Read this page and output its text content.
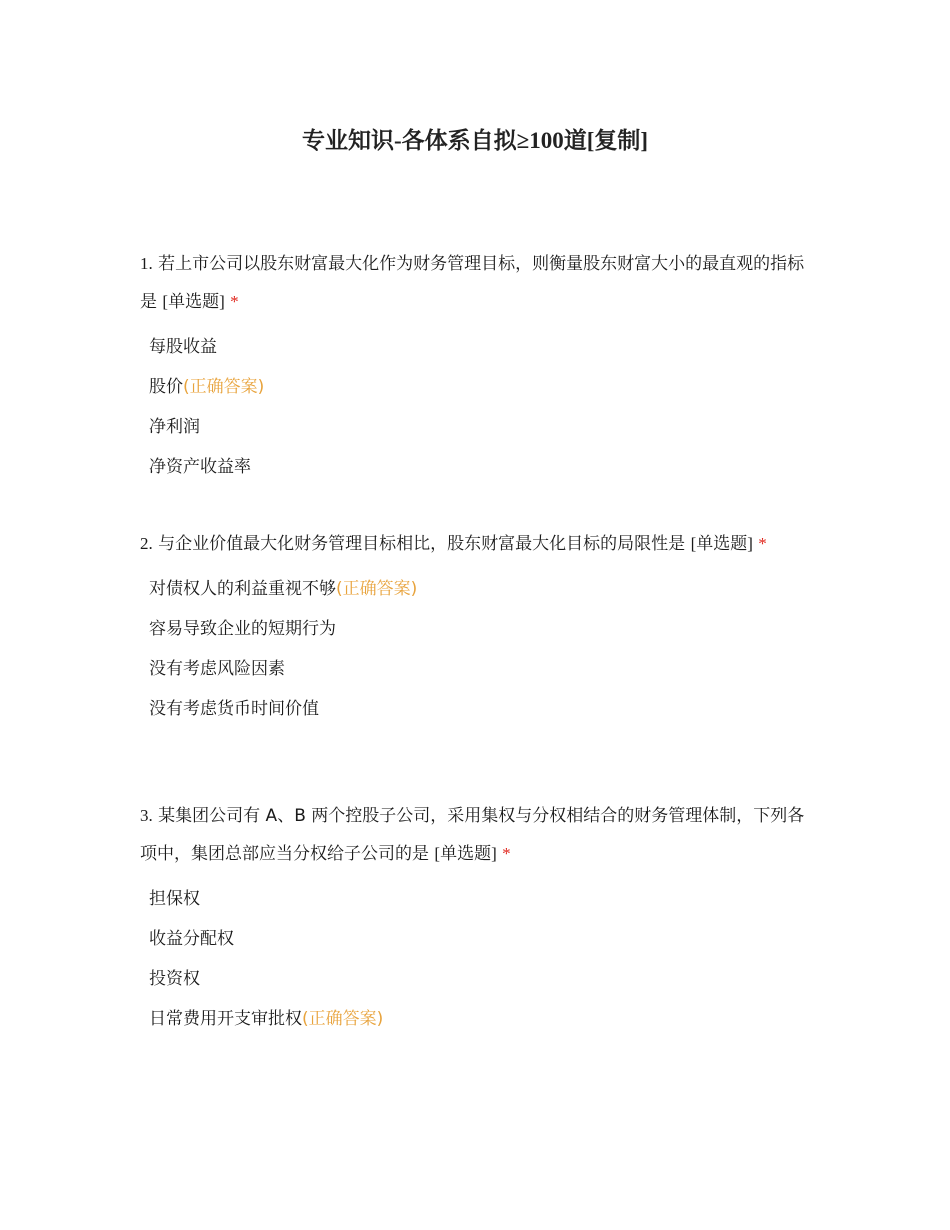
专业知识-各体系自拟≥100道[复制]

1. 若上市公司以股东财富最大化作为财务管理目标，则衡量股东财富大小的最直观的指标是 [单选题] *

每股收益
股价(正确答案)
净利润
净资产收益率

2. 与企业价值最大化财务管理目标相比，股东财富最大化目标的局限性是 [单选题] *

对债权人的利益重视不够(正确答案)
容易导致企业的短期行为
没有考虑风险因素
没有考虑货币时间价值

3. 某集团公司有 A、B 两个控股子公司，采用集权与分权相结合的财务管理体制，下列各项中，集团总部应当分权给子公司的是 [单选题] *

担保权
收益分配权
投资权
日常费用开支审批权(正确答案)
